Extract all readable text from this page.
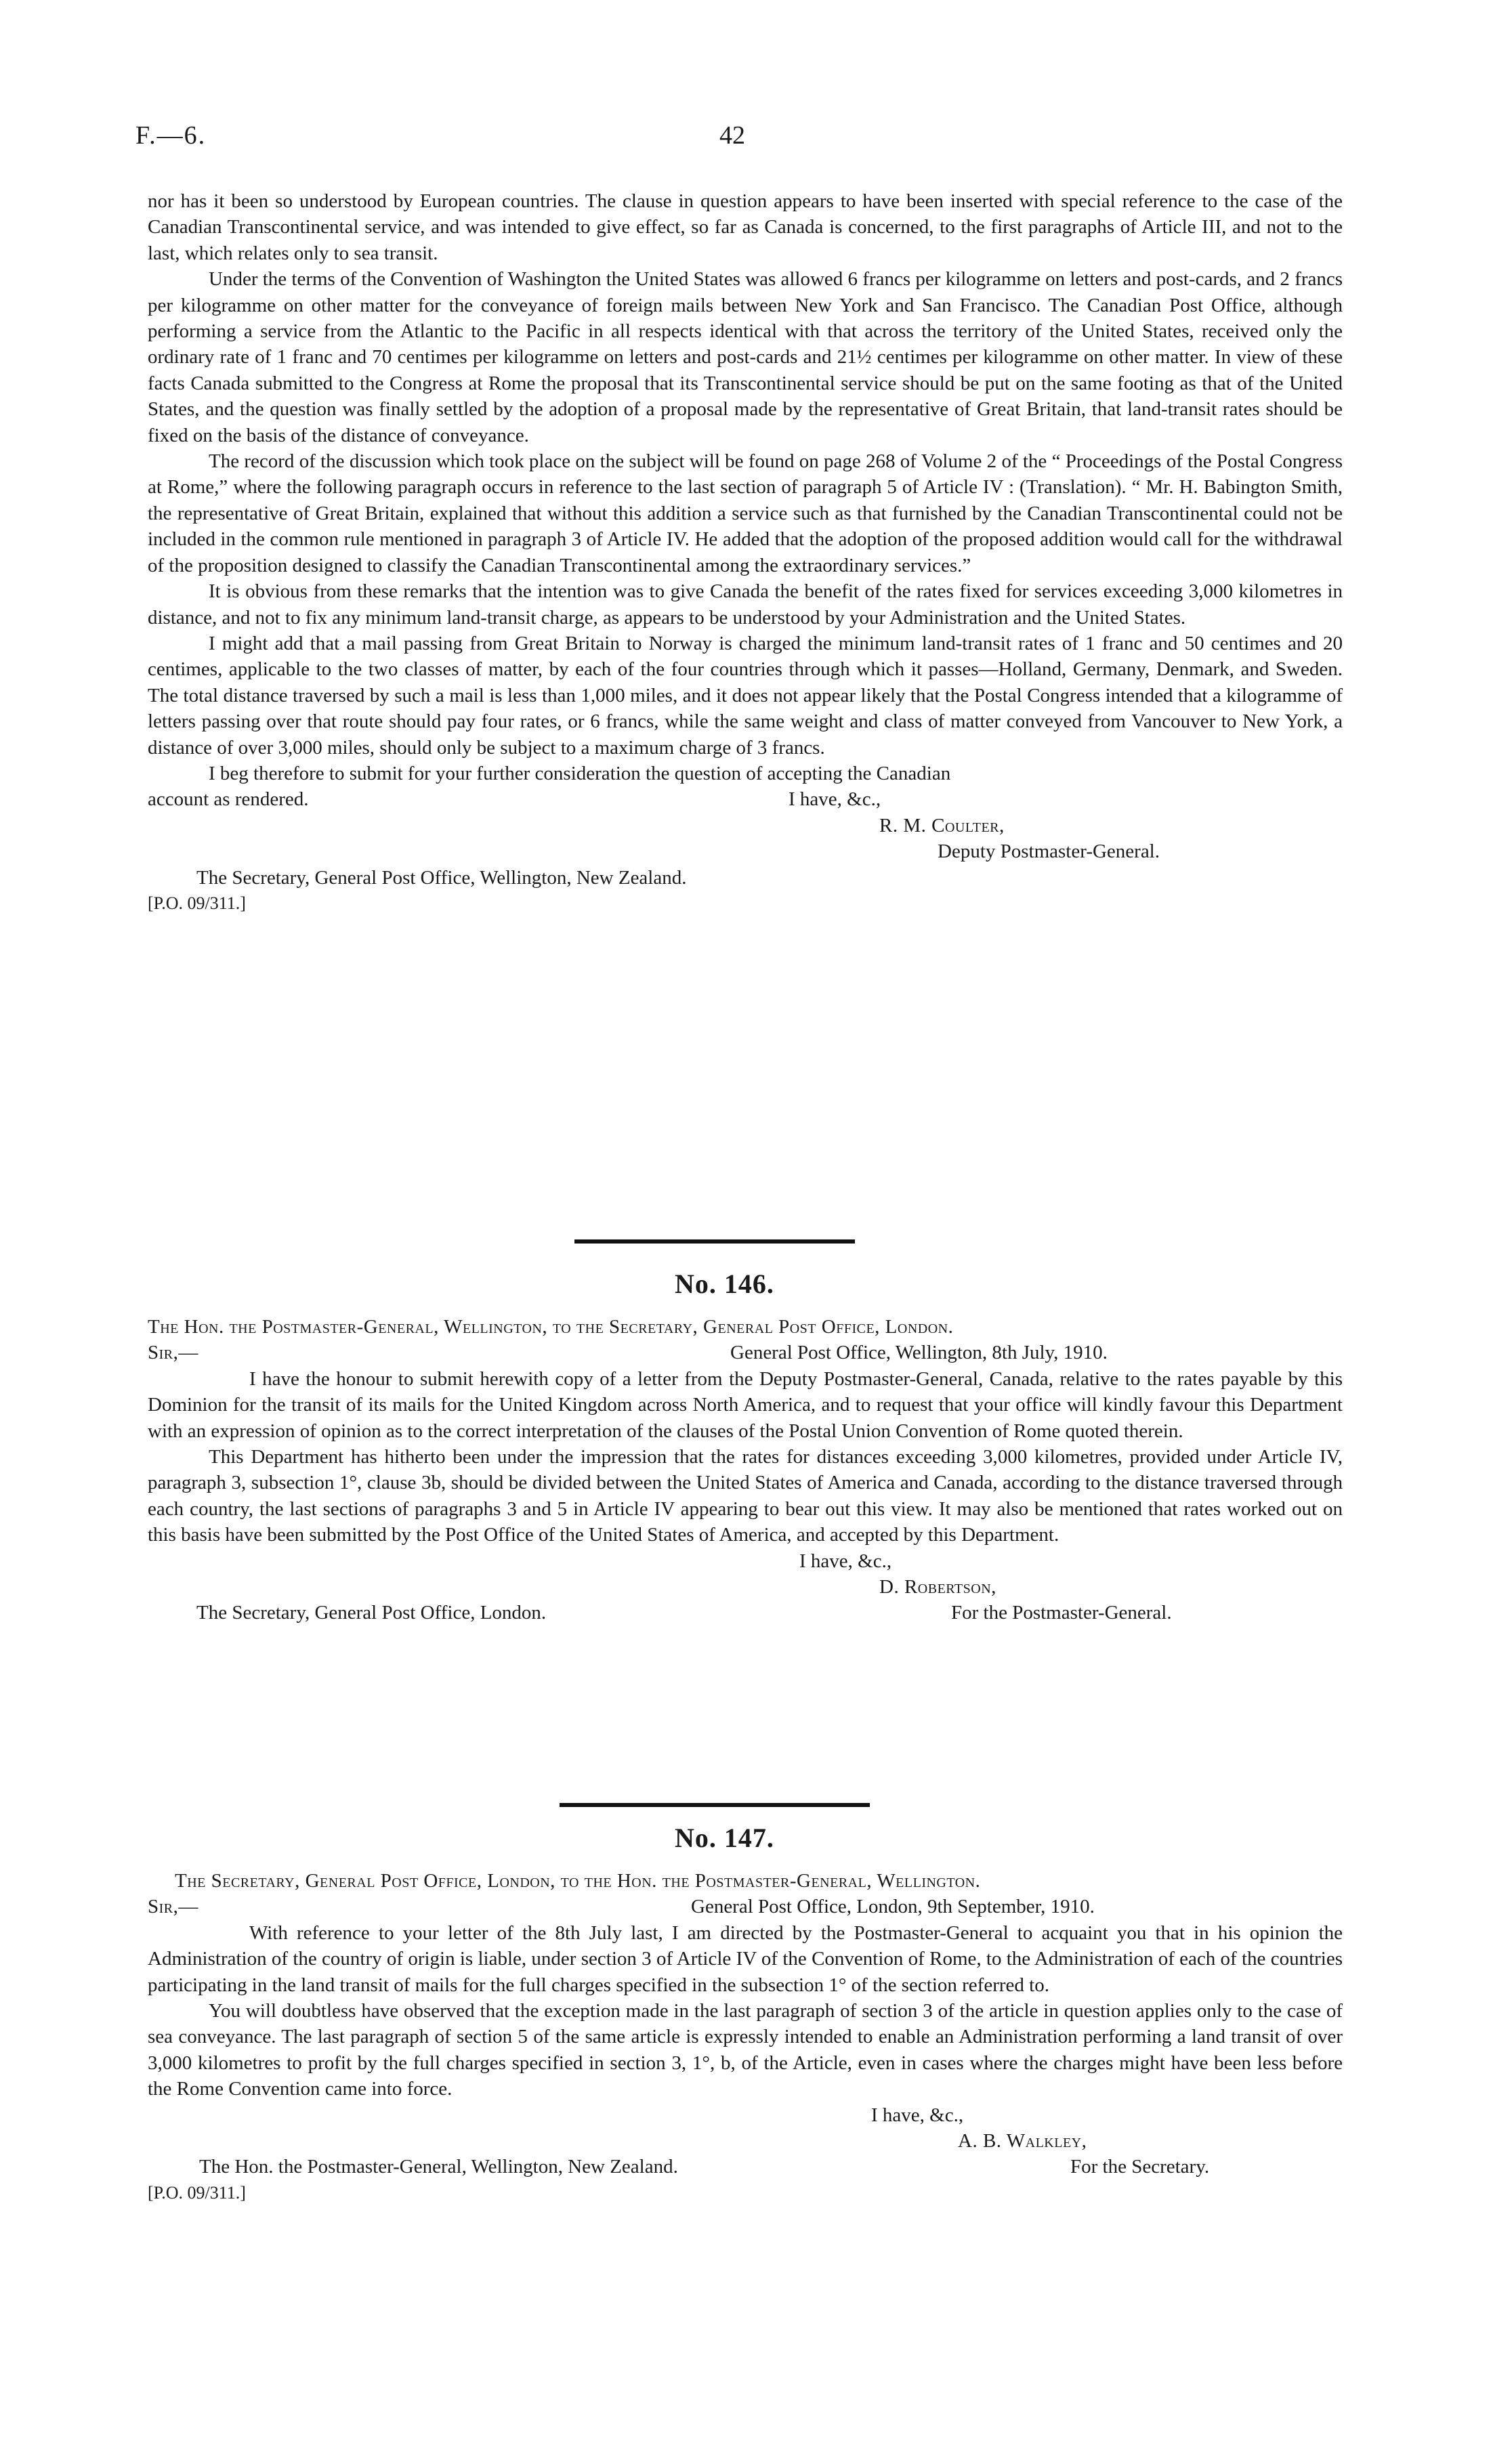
F.—6.	42

nor has it been so understood by European countries. The clause in question appears to have been inserted with special reference to the case of the Canadian Transcontinental service, and was intended to give effect, so far as Canada is concerned, to the first paragraphs of Article III, and not to the last, which relates only to sea transit.

Under the terms of the Convention of Washington the United States was allowed 6 francs per kilogramme on letters and post-cards, and 2 francs per kilogramme on other matter for the conveyance of foreign mails between New York and San Francisco. The Canadian Post Office, although performing a service from the Atlantic to the Pacific in all respects identical with that across the territory of the United States, received only the ordinary rate of 1 franc and 70 centimes per kilogramme on letters and post-cards and 21½ centimes per kilogramme on other matter. In view of these facts Canada submitted to the Congress at Rome the proposal that its Transcontinental service should be put on the same footing as that of the United States, and the question was finally settled by the adoption of a proposal made by the representative of Great Britain, that land-transit rates should be fixed on the basis of the distance of conveyance.

The record of the discussion which took place on the subject will be found on page 268 of Volume 2 of the “ Proceedings of the Postal Congress at Rome,” where the following paragraph occurs in reference to the last section of paragraph 5 of Article IV : (Translation). “ Mr. H. Babington Smith, the representative of Great Britain, explained that without this addition a service such as that furnished by the Canadian Transcontinental could not be included in the common rule mentioned in paragraph 3 of Article IV. He added that the adoption of the proposed addition would call for the withdrawal of the proposition designed to classify the Canadian Transcontinental among the extraordinary services.”

It is obvious from these remarks that the intention was to give Canada the benefit of the rates fixed for services exceeding 3,000 kilometres in distance, and not to fix any minimum land-transit charge, as appears to be understood by your Administration and the United States.

I might add that a mail passing from Great Britain to Norway is charged the minimum land-transit rates of 1 franc and 50 centimes and 20 centimes, applicable to the two classes of matter, by each of the four countries through which it passes—Holland, Germany, Denmark, and Sweden. The total distance traversed by such a mail is less than 1,000 miles, and it does not appear likely that the Postal Congress intended that a kilogramme of letters passing over that route should pay four rates, or 6 francs, while the same weight and class of matter conveyed from Vancouver to New York, a distance of over 3,000 miles, should only be subject to a maximum charge of 3 francs.

I beg therefore to submit for your further consideration the question of accepting the Canadian

account as rendered.	I have, &c.,
R. M. Coulter,
Deputy Postmaster-General.
The Secretary, General Post Office, Wellington, New Zealand.
[P.O. 09/311.]
No. 146.
The Hon. the Postmaster-General, Wellington, to the Secretary, General Post Office, London.
Sir,—	General Post Office, Wellington, 8th July, 1910.

I have the honour to submit herewith copy of a letter from the Deputy Postmaster-General, Canada, relative to the rates payable by this Dominion for the transit of its mails for the United Kingdom across North America, and to request that your office will kindly favour this Department with an expression of opinion as to the correct interpretation of the clauses of the Postal Union Convention of Rome quoted therein.

This Department has hitherto been under the impression that the rates for distances exceeding 3,000 kilometres, provided under Article IV, paragraph 3, subsection 1°, clause 3b, should be divided between the United States of America and Canada, according to the distance traversed through each country, the last sections of paragraphs 3 and 5 in Article IV appearing to bear out this view. It may also be mentioned that rates worked out on this basis have been submitted by the Post Office of the United States of America, and accepted by this Department.

I have, &c.,
D. Robertson,
The Secretary, General Post Office, London.	For the Postmaster-General.
No. 147.
The Secretary, General Post Office, London, to the Hon. the Postmaster-General, Wellington.
Sir,—	General Post Office, London, 9th September, 1910.

With reference to your letter of the 8th July last, I am directed by the Postmaster-General to acquaint you that in his opinion the Administration of the country of origin is liable, under section 3 of Article IV of the Convention of Rome, to the Administration of each of the countries participating in the land transit of mails for the full charges specified in the subsection 1° of the section referred to.

You will doubtless have observed that the exception made in the last paragraph of section 3 of the article in question applies only to the case of sea conveyance. The last paragraph of section 5 of the same article is expressly intended to enable an Administration performing a land transit of over 3,000 kilometres to profit by the full charges specified in section 3, 1°, b, of the Article, even in cases where the charges might have been less before the Rome Convention came into force.

I have, &c.,
A. B. Walkley,
The Hon. the Postmaster-General, Wellington, New Zealand.	For the Secretary.
[P.O. 09/311.]
